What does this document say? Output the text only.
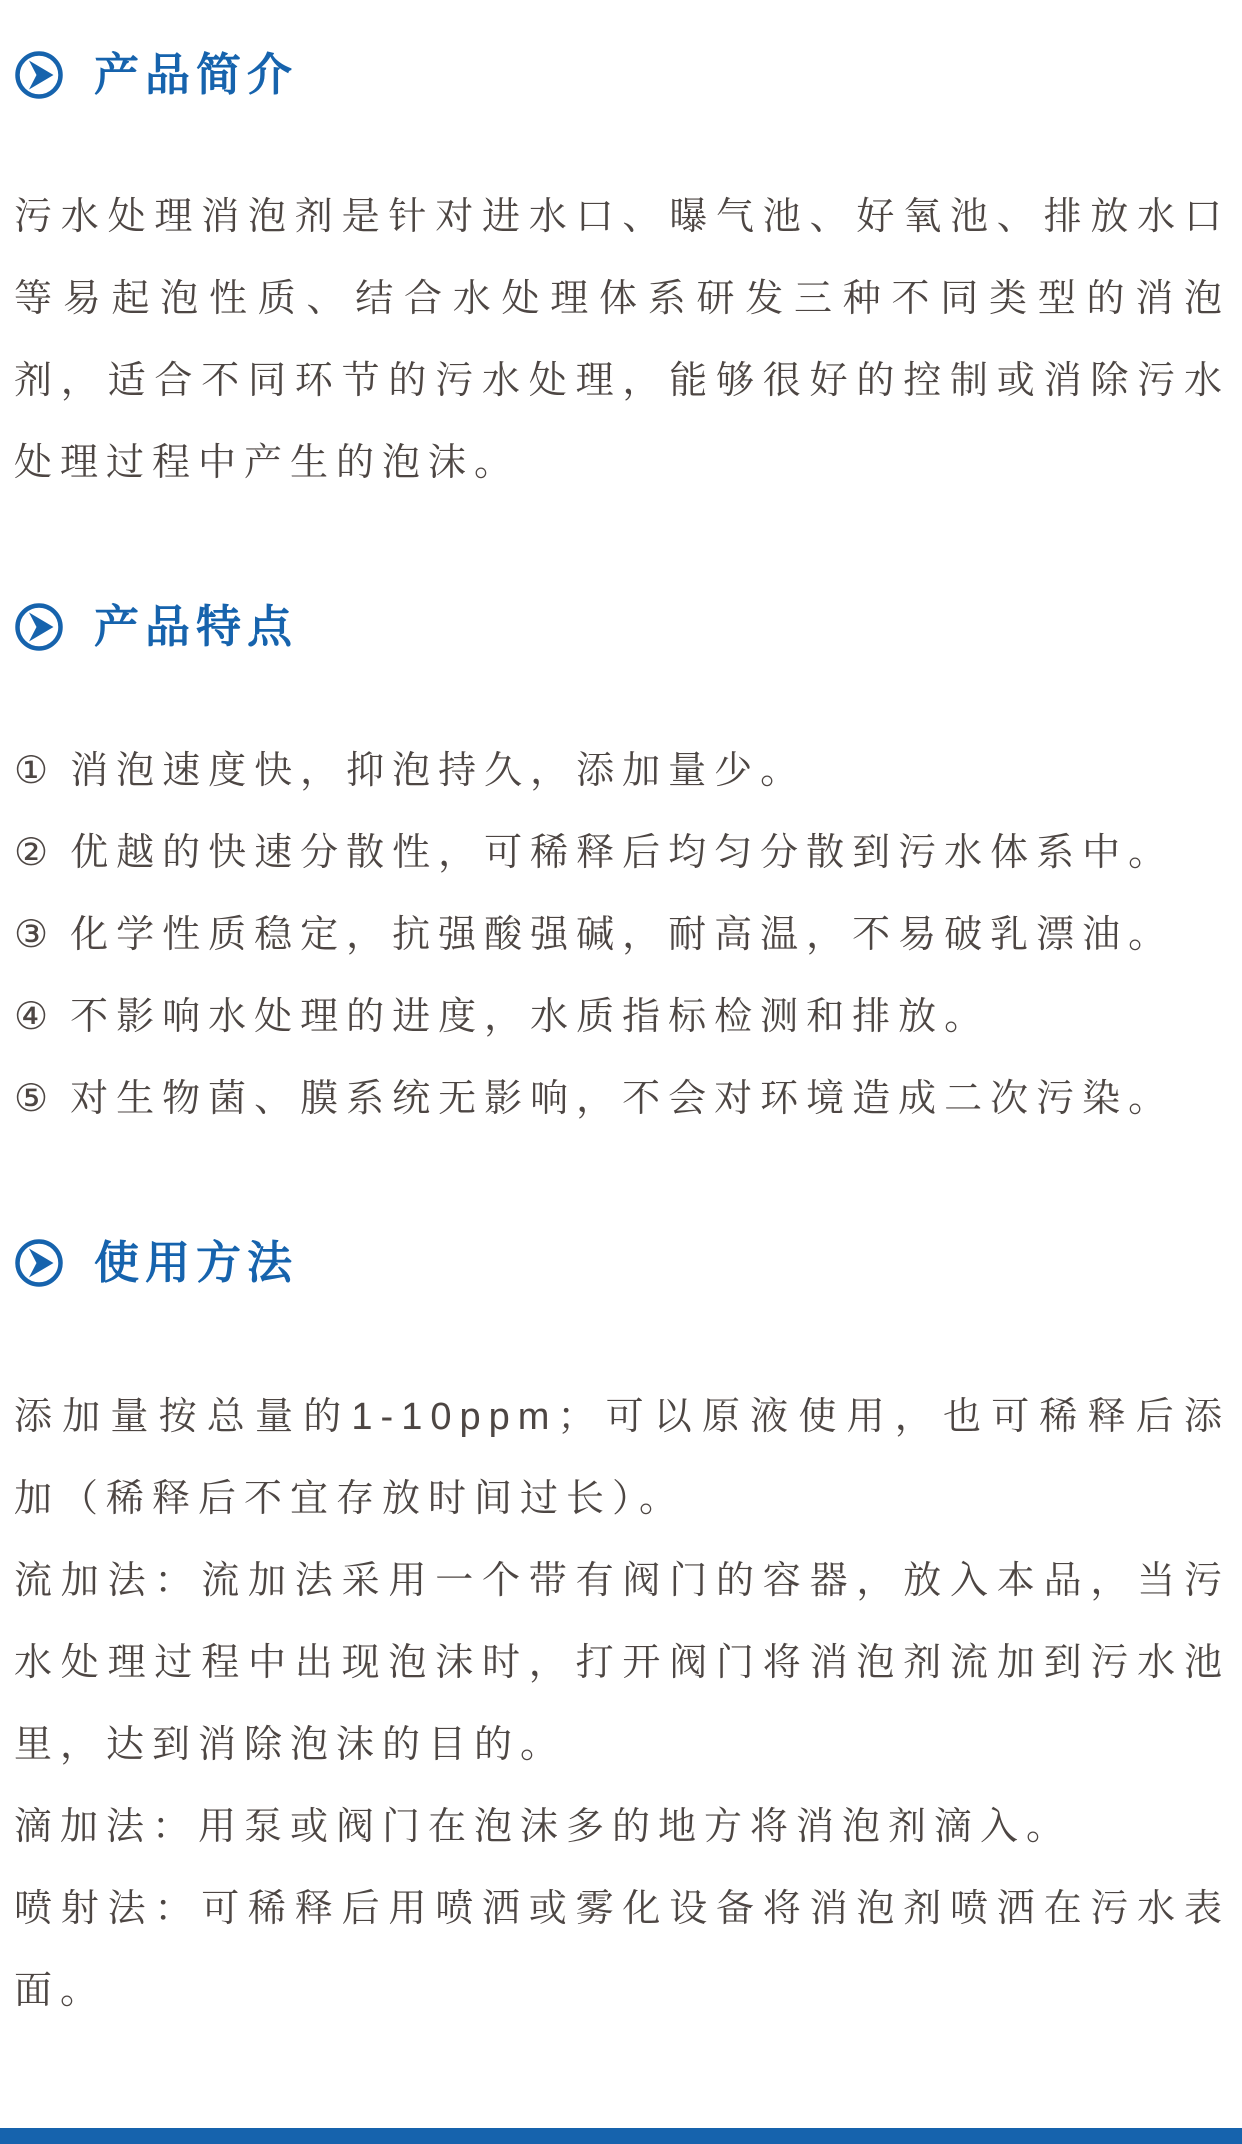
产品简介

污水处理消泡剂是针对进水口、曝气池、好氧池、排放水口等易起泡性质、结合水处理体系研发三种不同类型的消泡剂，适合不同环节的污水处理，能够很好的控制或消除污水处理过程中产生的泡沫。

产品特点
① 消泡速度快，抑泡持久，添加量少。
② 优越的快速分散性，可稀释后均匀分散到污水体系中。
③ 化学性质稳定，抗强酸强碱，耐高温，不易破乳漂油。
④ 不影响水处理的进度，水质指标检测和排放。
⑤ 对生物菌、膜系统无影响，不会对环境造成二次污染。
使用方法

添加量按总量的1-10ppm；可以原液使用，也可稀释后添加（稀释后不宜存放时间过长）。

流加法：流加法采用一个带有阀门的容器，放入本品，当污水处理过程中出现泡沫时，打开阀门将消泡剂流加到污水池里，达到消除泡沫的目的。

滴加法：用泵或阀门在泡沫多的地方将消泡剂滴入。

喷射法：可稀释后用喷洒或雾化设备将消泡剂喷洒在污水表面。
